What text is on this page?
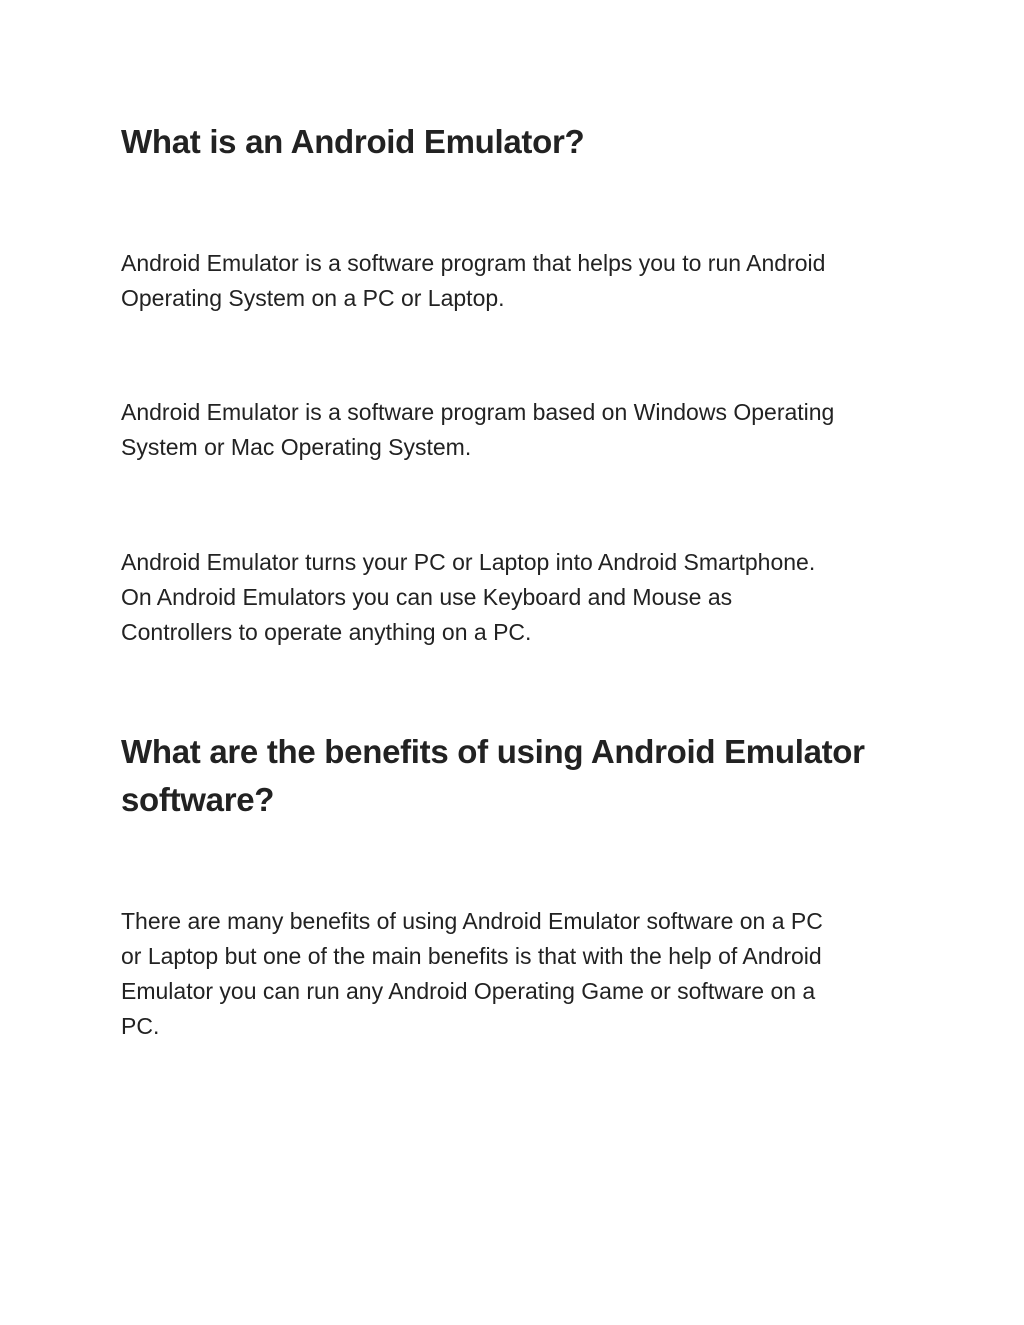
What is an Android Emulator?

Android Emulator is a software program that helps you to run Android
Operating System on a PC or Laptop.

Android Emulator is a software program based on Windows Operating
System or Mac Operating System.

Android Emulator turns your PC or Laptop into Android Smartphone.
On Android Emulators you can use Keyboard and Mouse as
Controllers to operate anything on a PC.

What are the benefits of using Android Emulator
software?

There are many benefits of using Android Emulator software on a PC
or Laptop but one of the main benefits is that with the help of Android
Emulator you can run any Android Operating Game or software on a
PC.
